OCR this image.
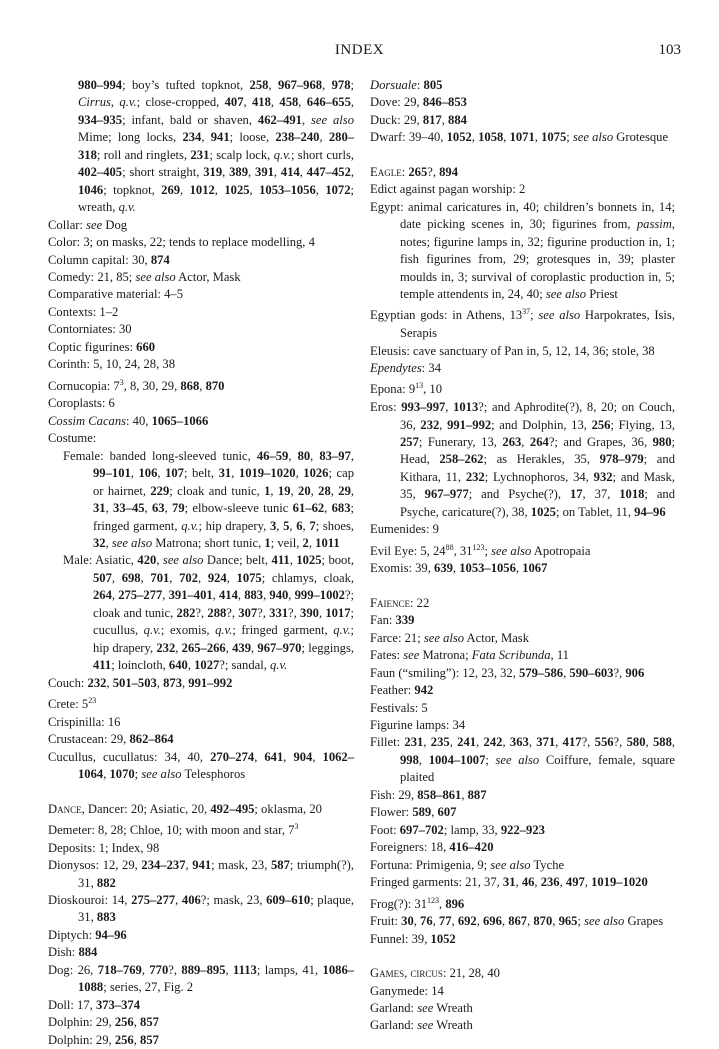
INDEX	103
980–994; boy’s tufted topknot, 258, 967–968, 978; Cirrus, q.v.; close-cropped, 407, 418, 458, 646–655, 934–935; infant, bald or shaven, 462–491, see also Mime; long locks, 234, 941; loose, 238–240, 280–318; roll and ringlets, 231; scalp lock, q.v.; short curls, 402–405; short straight, 319, 389, 391, 414, 447–452, 1046; topknot, 269, 1012, 1025, 1053–1056, 1072; wreath, q.v.
Collar: see Dog
Color: 3; on masks, 22; tends to replace modelling, 4
Column capital: 30, 874
Comedy: 21, 85; see also Actor, Mask
Comparative material: 4–5
Contexts: 1–2
Contorniates: 30
Coptic figurines: 660
Corinth: 5, 10, 24, 28, 38
Cornucopia: $7^3$, 8, 30, 29, 868, 870
Coroplasts: 6
Cossim Cacans: 40, 1065–1066
Costume:
Female: banded long-sleeved tunic, 46–59, 80, 83–97, 99–101, 106, 107; belt, 31, 1019–1020, 1026; cap or hairnet, 229; cloak and tunic, 1, 19, 20, 28, 29, 31, 33–45, 63, 79; elbow-sleeve tunic 61–62, 683; fringed garment, q.v.; hip drapery, 3, 5, 6, 7; shoes, 32, see also Matrona; short tunic, 1; veil, 2, 1011
Male: Asiatic, 420, see also Dance; belt, 411, 1025; boot, 507, 698, 701, 702, 924, 1075; chlamys, cloak, 264, 275–277, 391–401, 414, 883, 940, 999–1002?; cloak and tunic, 282?, 288?, 307?, 331?, 390, 1017; cucullus, q.v.; exomis, q.v.; fringed garment, q.v.; hip drapery, 232, 265–266, 439, 967–970; leggings, 411; loincloth, 640, 1027?; sandal, q.v.
Couch: 232, 501–503, 873, 991–992
Crete: $5^{23}$
Crispinilla: 16
Crustacean: 29, 862–864
Cucullus, cucullatus: 34, 40, 270–274, 641, 904, 1062–1064, 1070; see also Telesphoros
Dance, Dancer: 20; Asiatic, 20, 492–495; oklasma, 20
Demeter: 8, 28; Chloe, 10; with moon and star, $7^3$
Deposits: 1; Index, 98
Dionysos: 12, 29, 234–237, 941; mask, 23, 587; triumph(?), 31, 882
Dioskouroi: 14, 275–277, 406?; mask, 23, 609–610; plaque, 31, 883
Diptych: 94–96
Dish: 884
Dog: 26, 718–769, 770?, 889–895, 1113; lamps, 41, 1086–1088; series, 27, Fig. 2
Doll: 17, 373–374
Dolphin: 29, 256, 857
Dolphin: 29, 256, 857
Dorsuale: 805
Dove: 29, 846–853
Duck: 29, 817, 884
Dwarf: 39–40, 1052, 1058, 1071, 1075; see also Grotesque
Eagle: 265?, 894
Edict against pagan worship: 2
Egypt: animal caricatures in, 40; children’s bonnets in, 14; date picking scenes in, 30; figurines from, passim, notes; figurine lamps in, 32; figurine production in, 1; fish figurines from, 29; grotesques in, 39; plaster moulds in, 3; survival of coroplastic production in, 5; temple attendents in, 24, 40; see also Priest
Egyptian gods: in Athens, $13^{37}$; see also Harpokrates, Isis, Serapis
Eleusis: cave sanctuary of Pan in, 5, 12, 14, 36; stole, 38
Ependytes: 34
Epona: $9^{13}$, 10
Eros: 993–997, 1013?; and Aphrodite(?), 8, 20; on Couch, 36, 232, 991–992; and Dolphin, 13, 256; Flying, 13, 257; Funerary, 13, 263, 264?; and Grapes, 36, 980; Head, 258–262; as Herakles, 35, 978–979; and Kithara, 11, 232; Lychnophoros, 34, 932; and Mask, 35, 967–977; and Psyche(?), 17, 37, 1018; and Psyche, caricature(?), 38, 1025; on Tablet, 11, 94–96
Eumenides: 9
Evil Eye: 5, $24^{88}$, $31^{123}$; see also Apotropaia
Exomis: 39, 639, 1053–1056, 1067
Faience: 22
Fan: 339
Farce: 21; see also Actor, Mask
Fates: see Matrona; Fata Scribunda, 11
Faun (“smiling”): 12, 23, 32, 579–586, 590–603?, 906
Feather: 942
Festivals: 5
Figurine lamps: 34
Fillet: 231, 235, 241, 242, 363, 371, 417?, 556?, 580, 588, 998, 1004–1007; see also Coiffure, female, square plaited
Fish: 29, 858–861, 887
Flower: 589, 607
Foot: 697–702; lamp, 33, 922–923
Foreigners: 18, 416–420
Fortuna: Primigenia, 9; see also Tyche
Fringed garments: 21, 37, 31, 46, 236, 497, 1019–1020
Frog(?): $31^{123}$, 896
Fruit: 30, 76, 77, 692, 696, 867, 870, 965; see also Grapes
Funnel: 39, 1052
Games, circus: 21, 28, 40
Ganymede: 14
Garland: see Wreath
Garland: see Wreath
